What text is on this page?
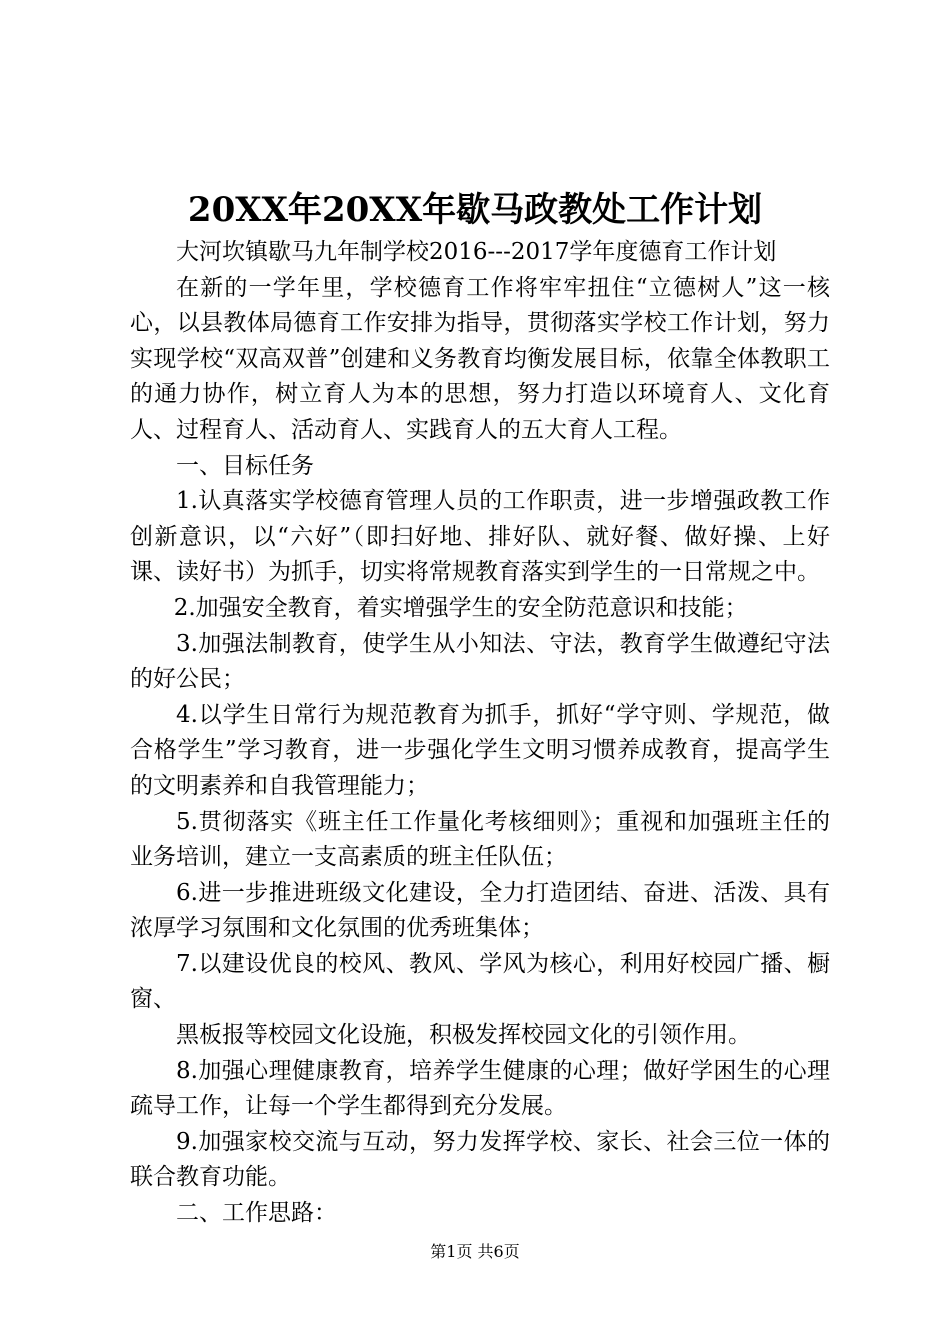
20XX年20XX年歇马政教处工作计划

大河坎镇歇马九年制学校2016---2017学年度德育工作计划

在新的一学年里，学校德育工作将牢牢扭住“立德树人”这一核心，以县教体局德育工作安排为指导，贯彻落实学校工作计划，努力实现学校“双高双普”创建和义务教育均衡发展目标，依靠全体教职工的通力协作，树立育人为本的思想，努力打造以环境育人、文化育人、过程育人、活动育人、实践育人的五大育人工程。

一、目标任务

1.认真落实学校德育管理人员的工作职责，进一步增强政教工作创新意识，以“六好”（即扫好地、排好队、就好餐、做好操、上好课、读好书）为抓手，切实将常规教育落实到学生的一日常规之中。

2.加强安全教育，着实增强学生的安全防范意识和技能；

3.加强法制教育，使学生从小知法、守法，教育学生做遵纪守法的好公民；

4.以学生日常行为规范教育为抓手，抓好“学守则、学规范，做合格学生”学习教育，进一步强化学生文明习惯养成教育，提高学生的文明素养和自我管理能力；

5.贯彻落实《班主任工作量化考核细则》；重视和加强班主任的业务培训，建立一支高素质的班主任队伍；

6.进一步推进班级文化建设，全力打造团结、奋进、活泼、具有浓厚学习氛围和文化氛围的优秀班集体；

7.以建设优良的校风、教风、学风为核心，利用好校园广播、橱窗、

黑板报等校园文化设施，积极发挥校园文化的引领作用。

8.加强心理健康教育，培养学生健康的心理；做好学困生的心理疏导工作，让每一个学生都得到充分发展。

9.加强家校交流与互动，努力发挥学校、家长、社会三位一体的联合教育功能。

二、工作思路：

第1页 共6页
